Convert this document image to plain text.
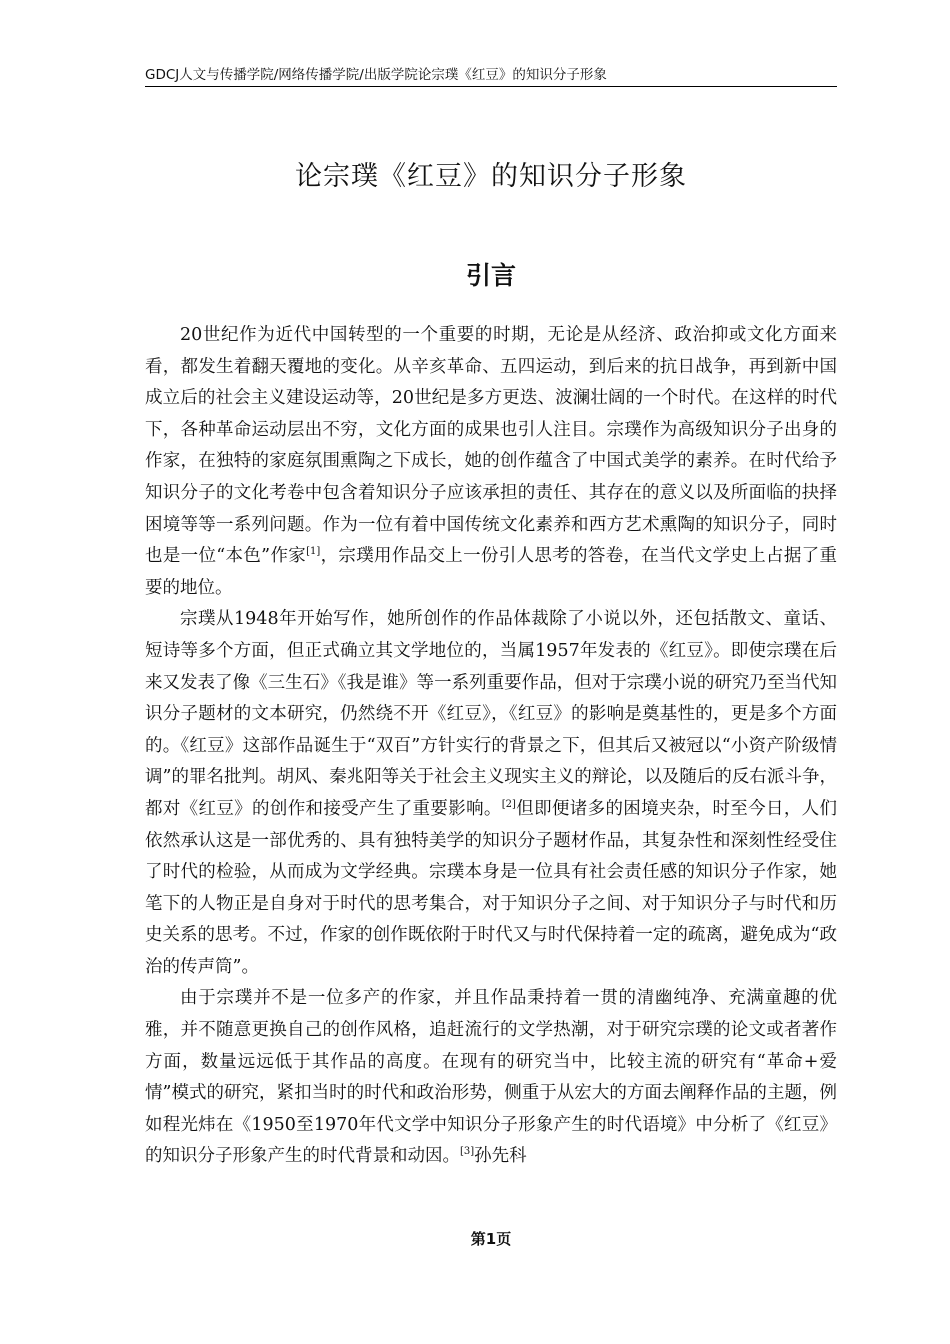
GDCJ人文与传播学院/网络传播学院/出版学院论宗璞《红豆》的知识分子形象
论宗璞《红豆》的知识分子形象
引言

20世纪作为近代中国转型的一个重要的时期，无论是从经济、政治抑或文化方面来看，都发生着翻天覆地的变化。从辛亥革命、五四运动，到后来的抗日战争，再到新中国成立后的社会主义建设运动等，20世纪是多方更迭、波澜壮阔的一个时代。在这样的时代下，各种革命运动层出不穷，文化方面的成果也引人注目。宗璞作为高级知识分子出身的作家，在独特的家庭氛围熏陶之下成长，她的创作蕴含了中国式美学的素养。在时代给予知识分子的文化考卷中包含着知识分子应该承担的责任、其存在的意义以及所面临的抉择困境等等一系列问题。作为一位有着中国传统文化素养和西方艺术熏陶的知识分子，同时也是一位“本色”作家[1]，宗璞用作品交上一份引人思考的答卷，在当代文学史上占据了重要的地位。

宗璞从1948年开始写作，她所创作的作品体裁除了小说以外，还包括散文、童话、短诗等多个方面，但正式确立其文学地位的，当属1957年发表的《红豆》。即使宗璞在后来又发表了像《三生石》《我是谁》等一系列重要作品，但对于宗璞小说的研究乃至当代知识分子题材的文本研究，仍然绕不开《红豆》，《红豆》的影响是奠基性的，更是多个方面的。《红豆》这部作品诞生于“双百”方针实行的背景之下，但其后又被冠以“小资产阶级情调”的罪名批判。胡风、秦兆阳等关于社会主义现实主义的辩论，以及随后的反右派斗争，都对《红豆》的创作和接受产生了重要影响。[2]但即便诸多的困境夹杂，时至今日，人们依然承认这是一部优秀的、具有独特美学的知识分子题材作品，其复杂性和深刻性经受住了时代的检验，从而成为文学经典。宗璞本身是一位具有社会责任感的知识分子作家，她笔下的人物正是自身对于时代的思考集合，对于知识分子之间、对于知识分子与时代和历史关系的思考。不过，作家的创作既依附于时代又与时代保持着一定的疏离，避免成为“政治的传声筒”。

由于宗璞并不是一位多产的作家，并且作品秉持着一贯的清幽纯净、充满童趣的优雅，并不随意更换自己的创作风格，追赶流行的文学热潮，对于研究宗璞的论文或者著作方面，数量远远低于其作品的高度。在现有的研究当中，比较主流的研究有“革命+爱情”模式的研究，紧扣当时的时代和政治形势，侧重于从宏大的方面去阐释作品的主题，例如程光炜在《1950至1970年代文学中知识分子形象产生的时代语境》中分析了《红豆》的知识分子形象产生的时代背景和动因。[3]孙先科

第1页
